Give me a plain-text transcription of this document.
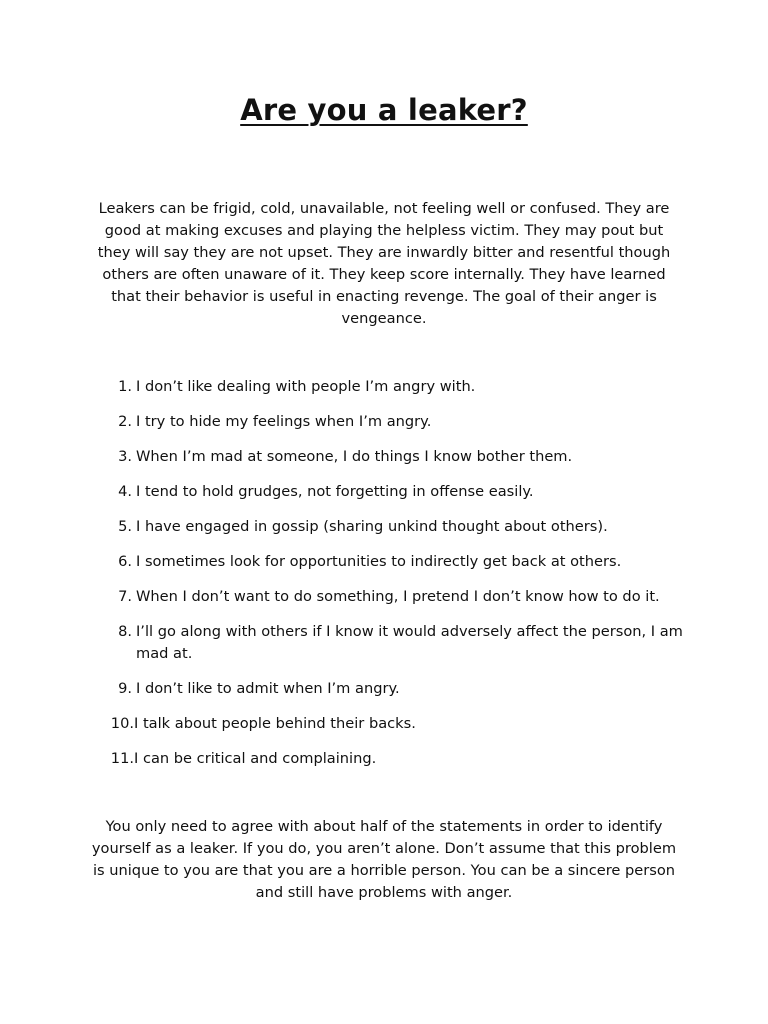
Are you a leaker?

Leakers can be frigid, cold, unavailable, not feeling well or confused. They are good at making excuses and playing the helpless victim. They may pout but they will say they are not upset. They are inwardly bitter and resentful though others are often unaware of it. They keep score internally. They have learned that their behavior is useful in enacting revenge. The goal of their anger is vengeance.

1. I don’t like dealing with people I’m angry with.
2. I try to hide my feelings when I’m angry.
3. When I’m mad at someone, I do things I know bother them.
4. I tend to hold grudges, not forgetting in offense easily.
5. I have engaged in gossip (sharing unkind thought about others).
6. I sometimes look for opportunities to indirectly get back at others.
7. When I don’t want to do something, I pretend I don’t know how to do it.
8. I’ll go along with others if I know it would adversely affect the person, I am mad at.
9. I don’t like to admit when I’m angry.
10. I talk about people behind their backs.
11. I can be critical and complaining.

You only need to agree with about half of the statements in order to identify yourself as a leaker. If you do, you aren’t alone. Don’t assume that this problem is unique to you are that you are a horrible person. You can be a sincere person and still have problems with anger.
